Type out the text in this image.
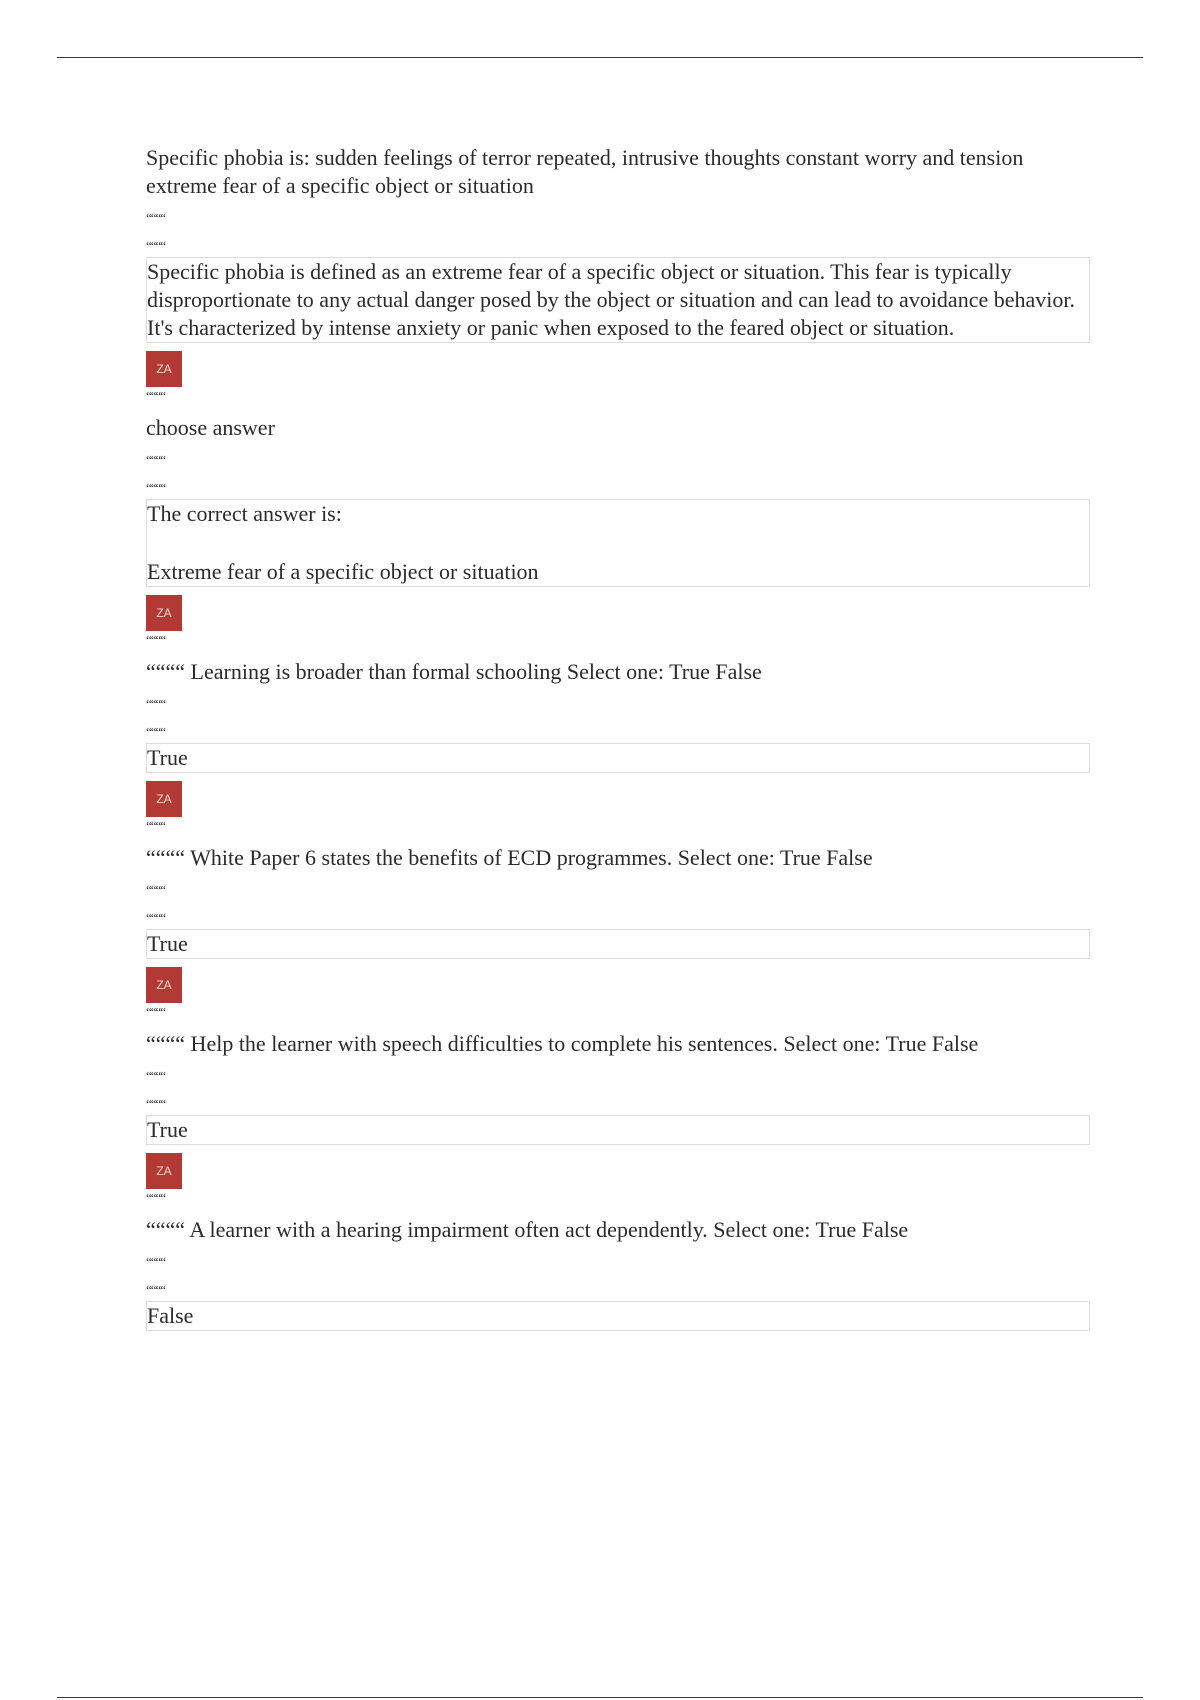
Specific phobia is: sudden feelings of terror repeated, intrusive thoughts constant worry and tension extreme fear of a specific object or situation

““““

““““

Specific phobia is defined as an extreme fear of a specific object or situation. This fear is typically disproportionate to any actual danger posed by the object or situation and can lead to avoidance behavior. It's characterized by intense anxiety or panic when exposed to the feared object or situation.

ZA

““““

choose answer

““““

““““

The correct answer is:

Extreme fear of a specific object or situation

ZA

““““

““““ Learning is broader than formal schooling Select one: True False

““““

““““

True

ZA

““““

““““ White Paper 6 states the benefits of ECD programmes. Select one: True False

““““

““““

True

ZA

““““

““““ Help the learner with speech difficulties to complete his sentences. Select one: True False

““““

““““

True

ZA

““““

““““ A learner with a hearing impairment often act dependently. Select one: True False

““““

““““

False
